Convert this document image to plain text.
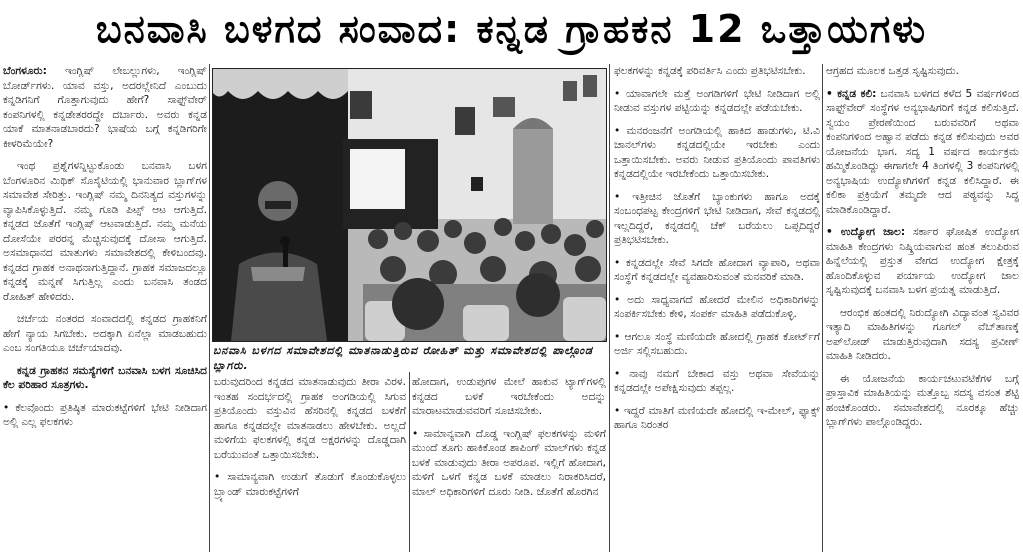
ಬನವಾಸಿ ಬಳಗದ ಸಂವಾದ: ಕನ್ನಡ ಗ್ರಾಹಕನ 12 ಒತ್ತಾಯಗಳು

ಬೆಂಗಳೂರು: ಇಂಗ್ಲಿಷ್ ಲೇಬಲ್ಲುಗಳು, ಇಂಗ್ಲಿಷ್ ಬೋರ್ಡ್‌ಗಳು. ಯಾವ ವಸ್ತು, ಅದರಲ್ಲೇನಿದೆ ಎಂಬುದು ಕನ್ನಡಿಗನಿಗೆ ಗೊತ್ತಾಗುವುದು ಹೇಗೆ? ಸಾಫ್ಟ್‌ವೇರ್ ಕಂಪನಿಗಳಲ್ಲಿ ಕನ್ನಡೇತರರದ್ದೇ ದರ್ಬಾರು. ಅವರು ಕನ್ನಡ ಯಾಕೆ ಮಾತನಾಡಬಾರದು? ಭಾಷೆಯ ಬಗ್ಗೆ ಕನ್ನಡಿಗರಿಗೇ ಕೀಳರಿಮೆಯೇ?

ಇಂಥ ಪ್ರಶ್ನೆಗಳನ್ನಿಟ್ಟುಕೊಂಡು ಬನವಾಸಿ ಬಳಗ ಬೆಂಗಳೂರಿನ ಮಿಥಿಕ್ ಸೊಸೈಟಿಯಲ್ಲಿ ಭಾನುವಾರ ಬ್ಲಾಗ್‌ಗಳ ಸಮಾವೇಶ ಸೇರಿತ್ತು. ಇಂಗ್ಲಿಷ್ ನಮ್ಮ ದಿನನಿತ್ಯದ ವಸ್ತುಗಳನ್ನು ವ್ಯಾಪಿಸಿಕೊಳ್ಳುತ್ತಿದೆ. ನಮ್ಮ ಗೂಡಿ ಪಿಟ್ಸ್ ಆಟ ಆಗುತ್ತಿದೆ. ಕನ್ನಡದ ಜೊತೆಗೆ ಇಂಗ್ಲಿಷ್ ಆಟವಾಡುತ್ತಿದೆ. ನಮ್ಮ ಮನೆಯ ದೋಸೆಯೇ ಪರರನ್ನ ಮೆಚ್ಚಿಸುವುದಕ್ಕೆ ದೋಸಾ ಆಗುತ್ತಿದೆ. ಅಸಮಾಧಾನದ ಮಾತುಗಳು ಸಮಾವೇಶದಲ್ಲಿ ಕೇಳಿಬಂದವು. ಕನ್ನಡದ ಗ್ರಾಹಕ ಅನಾಥನಾಗುತ್ತಿದ್ದಾನೆ. ಗ್ರಾಹಕ ಸಮಾಜದಲ್ಲೂ ಕನ್ನಡಕ್ಕೆ ಮನ್ನಣೆ ಸಿಗುತ್ತಿಲ್ಲ ಎಂದು ಬನವಾಸಿ ತಂಡದ ರೋಹಿತ್ ಹೇಳಿದರು.

ಚರ್ಚೆಯ ನಂತರದ ಸಂವಾದದಲ್ಲಿ ಕನ್ನಡದ ಗ್ರಾಹಕನಿಗೆ ಹೇಗೆ ನ್ಯಾಯ ಸಿಗಬೇಕು. ಅದಕ್ಕಾಗಿ ಏನೆಲ್ಲಾ ಮಾಡಬಹುದು ಎಂಬ ಸಂಗತಿಯೂ ಚರ್ಚೆಯಾದವು.

ಕನ್ನಡ ಗ್ರಾಹಕನ ಸಮಸ್ಯೆಗಳಿಗೆ ಬನವಾಸಿ ಬಳಗ ಸೂಚಿಸಿದ ಕೆಲ ಪರಿಹಾರ ಸೂತ್ರಗಳು.

• ಕೆಲವೊಂದು ಪ್ರತಿಷ್ಠಿತ ಮಾರುಕಟ್ಟೆಗಳಿಗೆ ಭೇಟಿ ನೀಡಿದಾಗ ಅಲ್ಲಿ ಎಲ್ಲ ಫಲಕಗಳು

ಬನವಾಸಿ ಬಳಗದ ಸಮಾವೇಶದಲ್ಲಿ ಮಾತನಾಡುತ್ತಿರುವ ರೋಹಿತ್ ಮತ್ತು ಸಮಾವೇಶದಲ್ಲಿ ಪಾಲ್ಗೊಂಡ ಬ್ಲಾಗರು.

ಬರುವುದರಿಂದ ಕನ್ನಡದ ಮಾತನಾಡುವುದು ತೀರಾ ವಿರಳ. ಇಂತಹ ಸಂದರ್ಭದಲ್ಲಿ ಗ್ರಾಹಕ ಅಂಗಡಿಯಲ್ಲಿ ಸಿಗುವ ಪ್ರತಿಯೊಂದು ವಸ್ತುವಿನ ಹೆಸರಿನಲ್ಲಿ ಕನ್ನಡದ ಬಳಕೆಗೆ ಹಾಗೂ ಕನ್ನಡದಲ್ಲೇ ಮಾತನಾಡಲು ಹೇಳಬೇಕು. ಅಲ್ಲದೆ ಮಳಿಗೆಯ ಫಲಕಗಳಲ್ಲಿ ಕನ್ನಡ ಅಕ್ಷರಗಳನ್ನು ದೊಡ್ಡದಾಗಿ ಬರೆಯುವಂತೆ ಒತ್ತಾಯಿಸಬೇಕು.

• ಸಾಮಾನ್ಯವಾಗಿ ಉಡುಗೆ ತೊಡುಗೆ ಕೊಂಡುಕೊಳ್ಳಲು ಬ್ರ್ಯಾಂಡ್ ಮಾರುಕಟ್ಟೆಗಳಿಗೆ

ಹೋದಾಗ, ಉಡುಪುಗಳ ಮೇಲೆ ಹಾಕುವ ಟ್ಯಾಗ್‌ಗಳಲ್ಲಿ ಕನ್ನಡದ ಬಳಕೆ ಇರಬೇಕೆಂದು ಅದನ್ನು ಮಾರಾಟಮಾಡುವವರಿಗೆ ಸೂಚಿಸಬೇಕು.

• ಸಾಮಾನ್ಯವಾಗಿ ದೊಡ್ಡ ಇಂಗ್ಲಿಷ್ ಫಲಕಗಳನ್ನು ಮಳಿಗೆ ಮುಂದೆ ತೂಗು ಹಾಕಿಕೊಂಡ ಶಾಪಿಂಗ್ ಮಾಲ್‌ಗಳು ಕನ್ನಡ ಬಳಕೆ ಮಾಡುವುದು ತೀರಾ ಅಪರೂಪ. ಇಲ್ಲಿಗೆ ಹೋದಾಗ, ಮಳಿಗೆ ಒಳಗೆ ಕನ್ನಡ ಬಳಕೆ ಮಾಡಲು ನಿರಾಕರಿಸಿದರೆ, ಮಾಲ್ ಅಧಿಕಾರಿಗಳಿಗೆ ದೂರು ನೀಡಿ. ಜೊತೆಗೆ ಹೊರಗಿನ

ಫಲಕಗಳನ್ನು ಕನ್ನಡಕ್ಕೆ ಪರಿವರ್ತಿಸಿ ಎಂದು ಪ್ರತಿಭಟಿಸಬೇಕು.

• ಯಾವಾಗಲೇ ಮತ್ತೆ ಅಂಗಡಿಗಳಿಗೆ ಭೇಟಿ ನೀಡಿದಾಗ ಅಲ್ಲಿ ನೀಡುವ ವಸ್ತುಗಳ ಪಟ್ಟಿಯನ್ನು ಕನ್ನಡದಲ್ಲೇ ಪಡೆಯಬೇಕು.

• ಮನರಂಜನೆಗೆ ಅಂಗಡಿಯಲ್ಲಿ ಹಾಕಿದ ಹಾಡುಗಳು, ಟಿ.ವಿ ಚಾನಲ್‌ಗಳು ಕನ್ನಡದಲ್ಲಿಯೇ ಇರಬೇಕು ಎಂದು ಒತ್ತಾಯಿಸಬೇಕು. ಅವರು ನೀಡುವ ಪ್ರತಿಯೊಂದು ಪಾವತಿಗಳು ಕನ್ನಡದಲ್ಲಿಯೇ ಇರಬೇಕೆಂದು ಒತ್ತಾಯಿಸಬೇಕು.

• ಇತ್ತೀಚಿನ ಜೊತೆಗೆ ಬ್ಯಾಂಕುಗಳು ಹಾಗೂ ಅದಕ್ಕೆ ಸಂಬಂಧಪಟ್ಟ ಕೇಂದ್ರಗಳಿಗೆ ಭೇಟಿ ನೀಡಿದಾಗ, ಸೇವೆ ಕನ್ನಡದಲ್ಲಿ ಇಲ್ಲದಿದ್ದರೆ, ಕನ್ನಡದಲ್ಲಿ ಚೆಕ್ ಬರೆಯಲು ಒಪ್ಪದಿದ್ದರೆ ಪ್ರತಿಭಟಿಸಬೇಕು.

• ಕನ್ನಡದಲ್ಲೇ ಸೇವೆ ಸಿಗದೇ ಹೋದಾಗ ವ್ಯಾಪಾರಿ, ಅಥವಾ ಸಂಸ್ಥೆಗೆ ಕನ್ನಡದಲ್ಲೇ ವ್ಯವಹಾರಿಸುವಂತೆ ಮನವರಿಕೆ ಮಾಡಿ.

• ಅದು ಸಾಧ್ಯವಾಗದೆ ಹೋದರೆ ಮೇಲಿನ ಅಧಿಕಾರಿಗಳನ್ನು ಸಂಪರ್ಕಿಸಬೇಕು ಕೇಳಿ, ಸಂಪರ್ಕ ಮಾಹಿತಿ ಪಡೆದುಕೊಳ್ಳಿ.

• ಆಗಲೂ ಸಂಸ್ಥೆ ಮಣಿಯದೇ ಹೋದಲ್ಲಿ ಗ್ರಾಹಕ ಕೋರ್ಟ್‌ಗೆ ಅರ್ಜಿ ಸಲ್ಲಿಸಬಹುದು.

• ನಾವು ನಮಗೆ ಬೇಕಾದ ವಸ್ತು ಅಥವಾ ಸೇವೆಯನ್ನು ಕನ್ನಡದಲ್ಲೇ ಅಪೇಕ್ಷಿಸುವುದು ತಪ್ಪಲ್ಲ.

• ಇದ್ದರೆ ಮಾತಿಗೆ ಮಣಿಯದೇ ಹೋದಲ್ಲಿ ಇ-ಮೇಲ್, ಫ್ಯಾಕ್ಸ್ ಹಾಗೂ ನಿರಂತರ

ಆಗ್ರಹದ ಮೂಲಕ ಒತ್ತಡ ಸೃಷ್ಟಿಸುವುದು.

• ಕನ್ನಡ ಕಲಿ: ಬನವಾಸಿ ಬಳಗದ ಕಳೆದ 5 ವರ್ಷಗಳಿಂದ ಸಾಫ್ಟ್‌ವೇರ್ ಸಂಸ್ಥೆಗಳ ಅನ್ಯಭಾಷಿಗರಿಗೆ ಕನ್ನಡ ಕಲಿಸುತ್ತಿದೆ. ಸ್ವಯಂ ಪ್ರೇರಣೆಯಿಂದ ಬರುವವರಿಗೆ ಅಥವಾ ಕಂಪನಿಗಳಿಂದ ಅಹ್ವಾನ ಪಡೆದು ಕನ್ನಡ ಕಲಿಸುವುದು ಅವರ ಯೋಜನೆಯ ಭಾಗ. ಸದ್ಯ 1 ವರ್ಷದ ಕಾರ್ಯಕ್ರಮ ಹಮ್ಮಿಕೊಂಡಿದ್ದು ಈಗಾಗಲೇ 4 ತಿಂಗಳಲ್ಲಿ 3 ಕಂಪನಿಗಳಲ್ಲಿ ಅನ್ಯಭಾಷಿಯ ಉದ್ಯೋಗಿಗಳಿಗೆ ಕನ್ನಡ ಕಲಿಸಿದ್ದಾರೆ. ಈ ಕಲಿಕಾ ಪ್ರಕ್ರಿಯೆಗೆ ತಮ್ಮದೇ ಆದ ಪಠ್ಯವನ್ನು ಸಿದ್ಧ ಮಾಡಿಕೊಂಡಿದ್ದಾರೆ.

• ಉದ್ಯೋಗ ಜಾಲ: ಸರ್ಕಾರ ಘೋಷಿತ ಉದ್ಯೋಗ ಮಾಹಿತಿ ಕೇಂದ್ರಗಳು ನಿಷ್ಕ್ರಿಯವಾಗುವ ಹಂತ ತಲುಪಿರುವ ಹಿನ್ನೆಲೆಯಲ್ಲಿ ಪ್ರಸ್ತುತ ವೇಗದ ಉದ್ಯೋಗ ಕ್ಷೇತ್ರಕ್ಕೆ ಹೊಂದಿಕೊಳ್ಳುವ ಪರ್ಯಾಯ ಉದ್ಯೋಗ ಜಾಲ ಸೃಷ್ಟಿಸುವುದಕ್ಕೆ ಬನವಾಸಿ ಬಳಗ ಪ್ರಯತ್ನ ಮಾಡುತ್ತಿದೆ.

ಆರಂಭಿಕ ಹಂತದಲ್ಲಿ ನಿರುದ್ಯೋಗಿ ವಿದ್ಯಾವಂತ ಸ್ವವಿವರ ಇತ್ಯಾದಿ ಮಾಹಿತಿಗಳನ್ನು ಗೂಗಲ್ ವೆಬ್‌ತಾಣಕ್ಕೆ ಅಪ್‌ಲೋಡ್ ಮಾಡುತ್ತಿರುವುದಾಗಿ ಸದಸ್ಯ ಪ್ರವೀಣ್ ಮಾಹಿತಿ ನೀಡಿದರು.

ಈ ಯೋಜನೆಯ ಕಾರ್ಯಚಟುವಟಿಕೆಗಳ ಬಗ್ಗೆ ಪ್ರಾಸ್ತಾವಿಕ ಮಾಹಿತಿಯನ್ನು ಮತ್ತೊಬ್ಬ ಸದಸ್ಯ ವಸಂತ ಶೆಟ್ಟಿ ಹಂಚಿಕೊಂಡರು. ಸಮಾವೇಶದಲ್ಲಿ ನೂರಕ್ಕೂ ಹೆಚ್ಚು ಬ್ಲಾಗ್‌ಗಳು ಪಾಲ್ಗೊಂಡಿದ್ದರು.
